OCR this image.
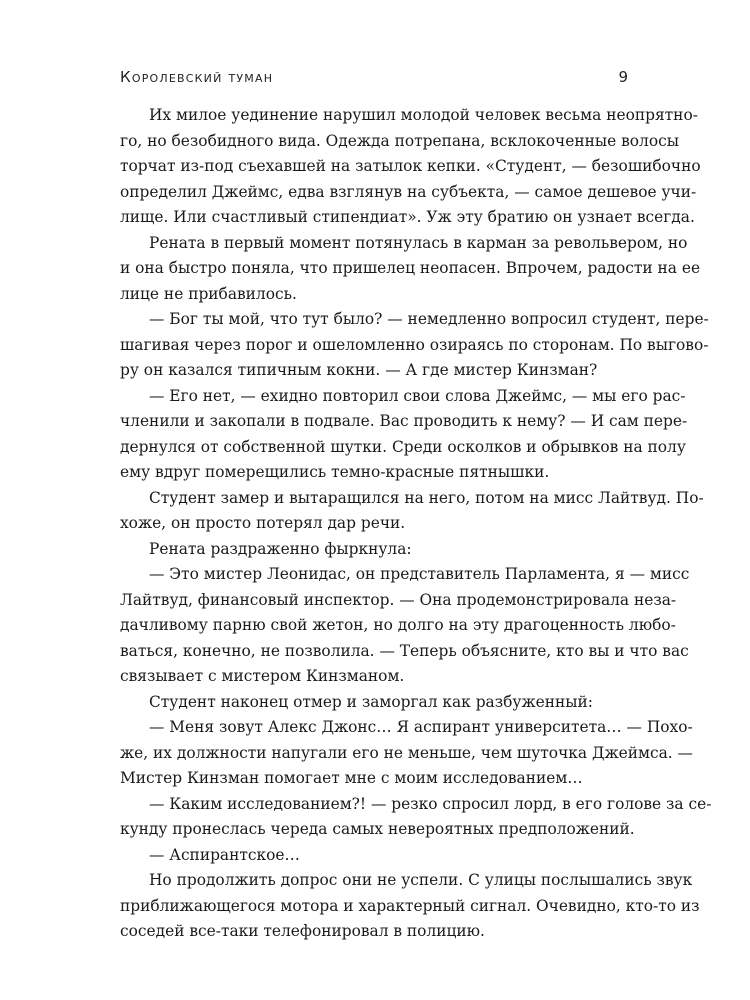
Королевский туман	9
Их милое уединение нарушил молодой человек весьма неопрятно-
го, но безобидного вида. Одежда потрепана, всклокоченные волосы
торчат из-под съехавшей на затылок кепки. «Студент, — безошибочно
определил Джеймс, едва взглянув на субъекта, — самое дешевое учи-
лище. Или счастливый стипендиат». Уж эту братию он узнает всегда.
Рената в первый момент потянулась в карман за револьвером, но
и она быстро поняла, что пришелец неопасен. Впрочем, радости на ее
лице не прибавилось.
— Бог ты мой, что тут было? — немедленно вопросил студент, пере-
шагивая через порог и ошеломленно озираясь по сторонам. По выгово-
ру он казался типичным кокни. — А где мистер Кинзман?
— Его нет, — ехидно повторил свои слова Джеймс, — мы его рас-
членили и закопали в подвале. Вас проводить к нему? — И сам пере-
дернулся от собственной шутки. Среди осколков и обрывков на полу
ему вдруг померещились темно-красные пятнышки.
Студент замер и вытаращился на него, потом на мисс Лайтвуд. По-
хоже, он просто потерял дар речи.
Рената раздраженно фыркнула:
— Это мистер Леонидас, он представитель Парламента, я — мисс
Лайтвуд, финансовый инспектор. — Она продемонстрировала неза-
дачливому парню свой жетон, но долго на эту драгоценность любо-
ваться, конечно, не позволила. — Теперь объясните, кто вы и что вас
связывает с мистером Кинзманом.
Студент наконец отмер и заморгал как разбуженный:
— Меня зовут Алекс Джонс… Я аспирант университета… — Похо-
же, их должности напугали его не меньше, чем шуточка Джеймса. —
Мистер Кинзман помогает мне с моим исследованием…
— Каким исследованием?! — резко спросил лорд, в его голове за се-
кунду пронеслась череда самых невероятных предположений.
— Аспирантское…
Но продолжить допрос они не успели. С улицы послышались звук
приближающегося мотора и характерный сигнал. Очевидно, кто-то из
соседей все-таки телефонировал в полицию.
